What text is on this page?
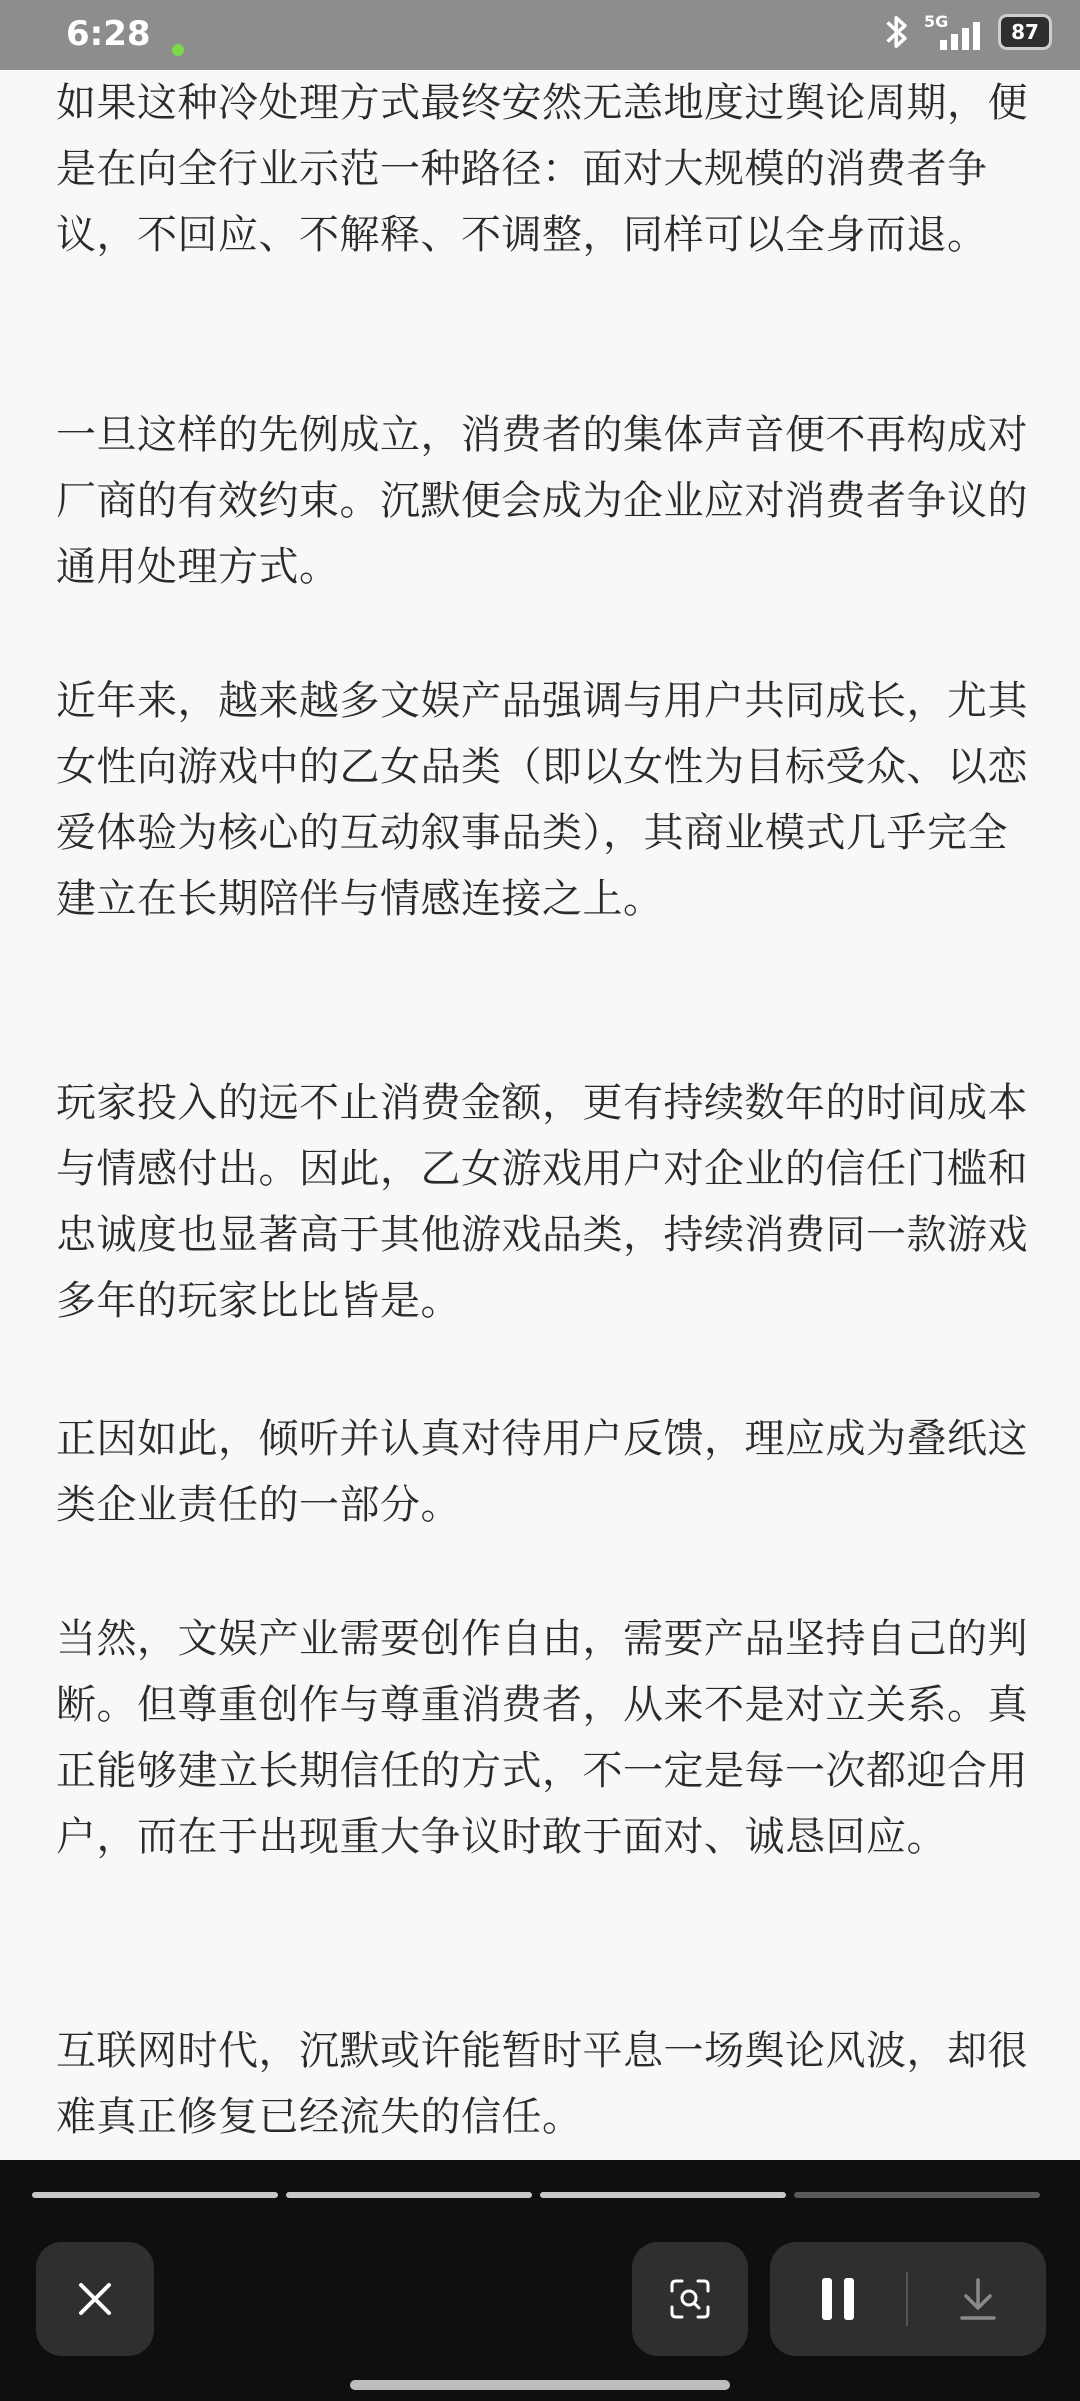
6:28	5G	87

如果这种冷处理方式最终安然无恙地度过舆论周期，便是在向全行业示范一种路径：面对大规模的消费者争议，不回应、不解释、不调整，同样可以全身而退。

一旦这样的先例成立，消费者的集体声音便不再构成对厂商的有效约束。沉默便会成为企业应对消费者争议的通用处理方式。

近年来，越来越多文娱产品强调与用户共同成长，尤其女性向游戏中的乙女品类（即以女性为目标受众、以恋爱体验为核心的互动叙事品类），其商业模式几乎完全建立在长期陪伴与情感连接之上。

玩家投入的远不止消费金额，更有持续数年的时间成本与情感付出。因此，乙女游戏用户对企业的信任门槛和忠诚度也显著高于其他游戏品类，持续消费同一款游戏多年的玩家比比皆是。

正因如此，倾听并认真对待用户反馈，理应成为叠纸这类企业责任的一部分。

当然，文娱产业需要创作自由，需要产品坚持自己的判断。但尊重创作与尊重消费者，从来不是对立关系。真正能够建立长期信任的方式，不一定是每一次都迎合用户，而在于出现重大争议时敢于面对、诚恳回应。

互联网时代，沉默或许能暂时平息一场舆论风波，却很难真正修复已经流失的信任。
